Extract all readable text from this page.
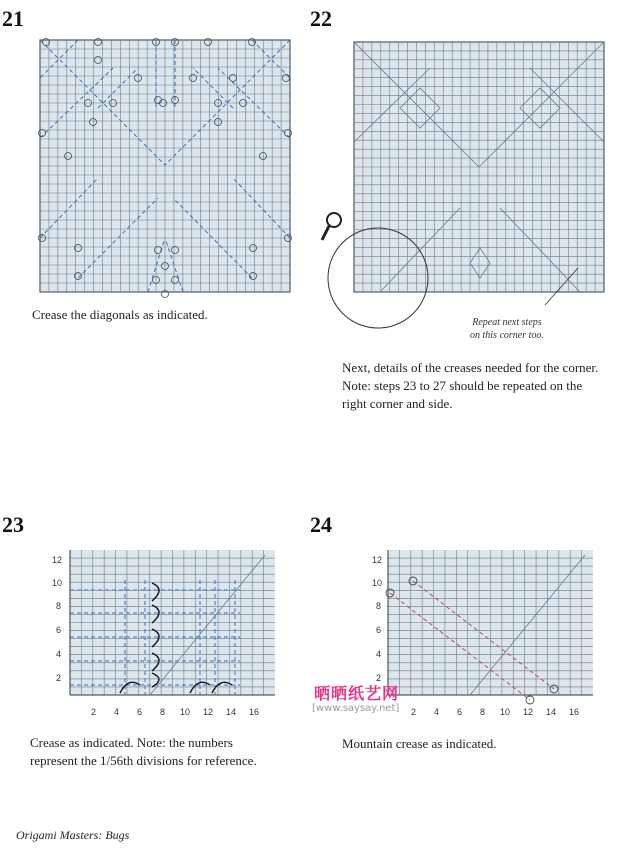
21	22
23	24
Crease the diagonals as indicated.
Repeat next steps
on this corner too.
Next, details of the creases needed for the corner.
Note: steps 23 to 27 should be repeated on the
right corner and side.
12
10
8
6
4
2
2 4 6 8 10 12 14 16
Crease as indicated. Note: the numbers
represent the 1/56th divisions for reference.
12
10
8
6
4
2
2 4 6 8 10 12 14 16
晒晒纸艺网
[www.saysay.net]
Mountain crease as indicated.
Origami Masters: Bugs
